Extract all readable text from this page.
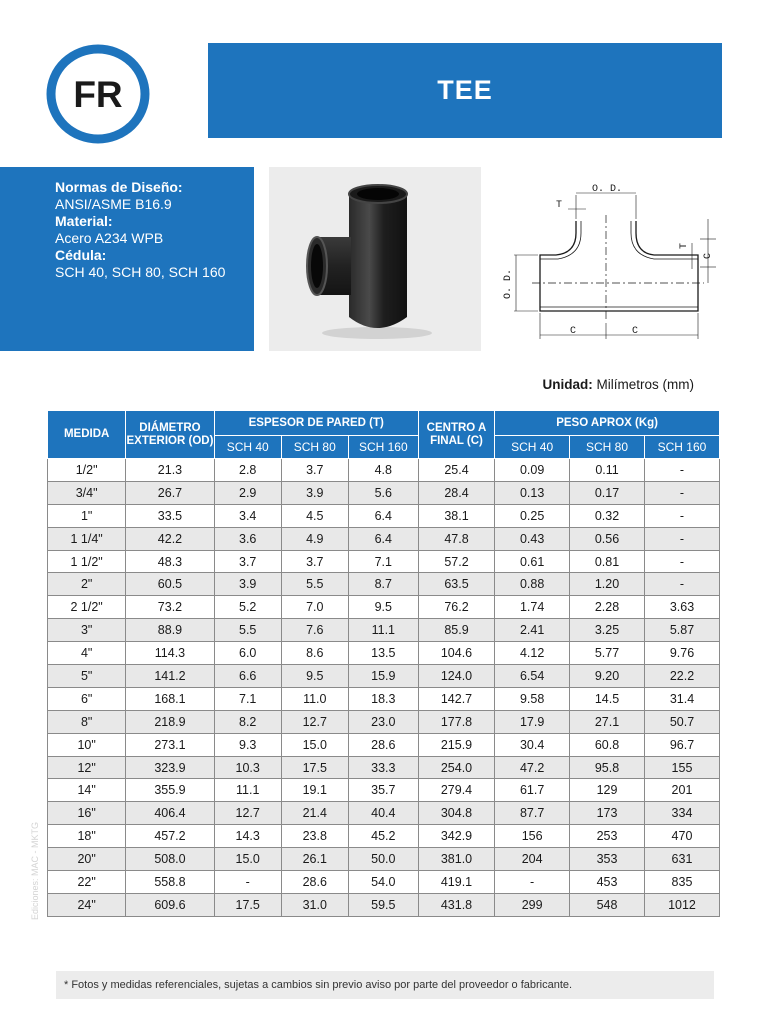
FR	TEE
Normas de Diseño:
ANSI/ASME B16.9
Material:
Acero A234 WPB
Cédula:
SCH 40, SCH 80, SCH 160
O. D.
T
T
C
O. D.
C	C
Unidad: Milímetros (mm)
MEDIDA	DIÁMETRO EXTERIOR (OD)	ESPESOR DE PARED (T)			CENTRO A FINAL (C)	PESO APROX (Kg)		
		SCH 40	SCH 80	SCH 160		SCH 40	SCH 80	SCH 160
1/2"	21.3	2.8	3.7	4.8	25.4	0.09	0.11	-
3/4"	26.7	2.9	3.9	5.6	28.4	0.13	0.17	-
1"	33.5	3.4	4.5	6.4	38.1	0.25	0.32	-
1 1/4"	42.2	3.6	4.9	6.4	47.8	0.43	0.56	-
1 1/2"	48.3	3.7	3.7	7.1	57.2	0.61	0.81	-
2"	60.5	3.9	5.5	8.7	63.5	0.88	1.20	-
2 1/2"	73.2	5.2	7.0	9.5	76.2	1.74	2.28	3.63
3"	88.9	5.5	7.6	11.1	85.9	2.41	3.25	5.87
4"	114.3	6.0	8.6	13.5	104.6	4.12	5.77	9.76
5"	141.2	6.6	9.5	15.9	124.0	6.54	9.20	22.2
6"	168.1	7.1	11.0	18.3	142.7	9.58	14.5	31.4
8"	218.9	8.2	12.7	23.0	177.8	17.9	27.1	50.7
10"	273.1	9.3	15.0	28.6	215.9	30.4	60.8	96.7
12"	323.9	10.3	17.5	33.3	254.0	47.2	95.8	155
14"	355.9	11.1	19.1	35.7	279.4	61.7	129	201
16"	406.4	12.7	21.4	40.4	304.8	87.7	173	334
18"	457.2	14.3	23.8	45.2	342.9	156	253	470
20"	508.0	15.0	26.1	50.0	381.0	204	353	631
22"	558.8	-	28.6	54.0	419.1	-	453	835
24"	609.6	17.5	31.0	59.5	431.8	299	548	1012
Ediciones: MAC - MKTG
* Fotos y medidas referenciales, sujetas a cambios sin previo aviso por parte del proveedor o fabricante.
